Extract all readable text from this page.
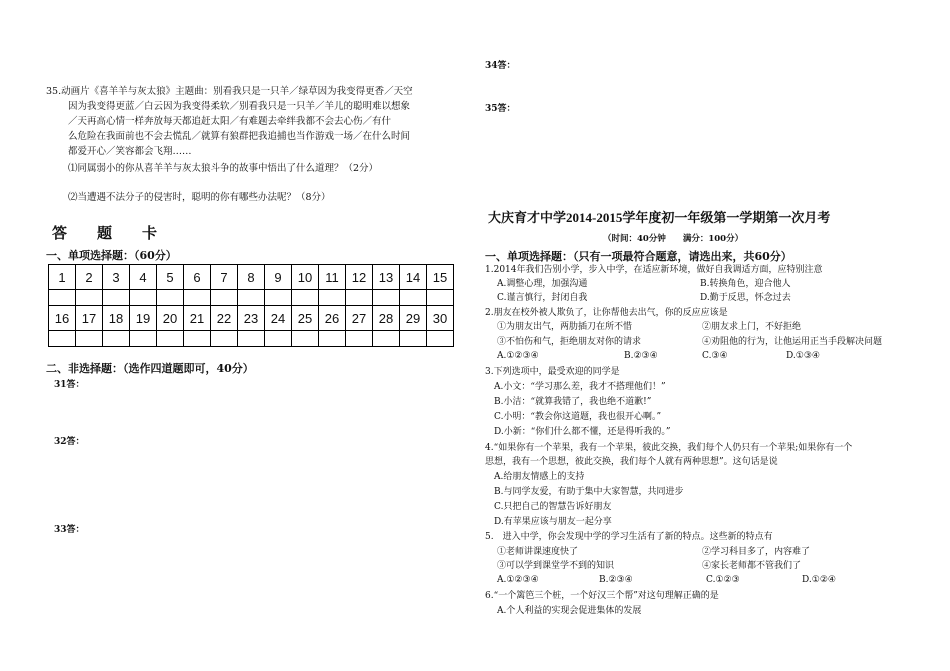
35.动画片《喜羊羊与灰太狼》主题曲：别看我只是一只羊／绿草因为我变得更香／天空
因为我变得更蓝／白云因为我变得柔软／别看我只是一只羊／羊儿的聪明难以想象
／天再高心情一样奔放每天都追赶太阳／有难题去牵绊我都不会去心伤／有什
么危险在我面前也不会去慌乱／就算有狼群把我追捕也当作游戏一场／在什么时间
都爱开心／笑容都会飞翔……
⑴同属弱小的你从喜羊羊与灰太狼斗争的故事中悟出了什么道理？（2分）
⑵当遭遇不法分子的侵害时，聪明的你有哪些办法呢？（8分）
答　　题　　卡
一、单项选择题：（60分）
1	2	3	4	5	6	7	8	9	10	11	12	13	14	15

16	17	18	19	20	21	22	23	24	25	26	27	28	29	30

二、非选择题：（选作四道题即可，40分）
31答：
32答：
33答：
34答：
35答：
大庆育才中学2014-2015学年度初一年级第一学期第一次月考
（时间：40分钟　　满分：100分）
一、单项选择题：（只有一项最符合题意，请选出来，共60分）
1.2014年我们告别小学，步入中学，在适应新环境，做好自我调适方面，应特别注意
A.调整心理，加强沟通	B.转换角色，迎合他人
C.谨言慎行，封闭自我	D.勤于反思，怀念过去
2.朋友在校外被人欺负了，让你帮他去出气，你的反应应该是
①为朋友出气，两肋插刀在所不惜	②朋友求上门，不好拒绝
③不怕伤和气，拒绝朋友对你的请求	④劝阻他的行为，让他运用正当手段解决问题
A.①②③④	B.②③④	C.③④	D.①③④
3.下列选项中，最受欢迎的同学是
A.小文：“学习那么差，我才不搭理他们！”
B.小洁：“就算我错了，我也绝不道歉!”
C.小明：“教会你这道题，我也很开心啊。”
D.小新：“你们什么都不懂，还是得听我的。”
4.“如果你有一个苹果，我有一个苹果，彼此交换，我们每个人仍只有一个苹果;如果你有一个
思想，我有一个思想，彼此交换，我们每个人就有两种思想”。这句话是说
A.给朋友情感上的支持
B.与同学友爱，有助于集中大家智慧，共同进步
C.只把自己的智慧告诉好朋友
D.有苹果应该与朋友一起分享
5.　进入中学，你会发现中学的学习生活有了新的特点。这些新的特点有
①老师讲课速度快了	②学习科目多了，内容难了
③可以学到课堂学不到的知识	④家长老师都不管我们了
A.①②③④	B.②③④	C.①②③	D.①②④
6.“一个篱笆三个桩，一个好汉三个帮”对这句理解正确的是
A.个人利益的实现会促进集体的发展
